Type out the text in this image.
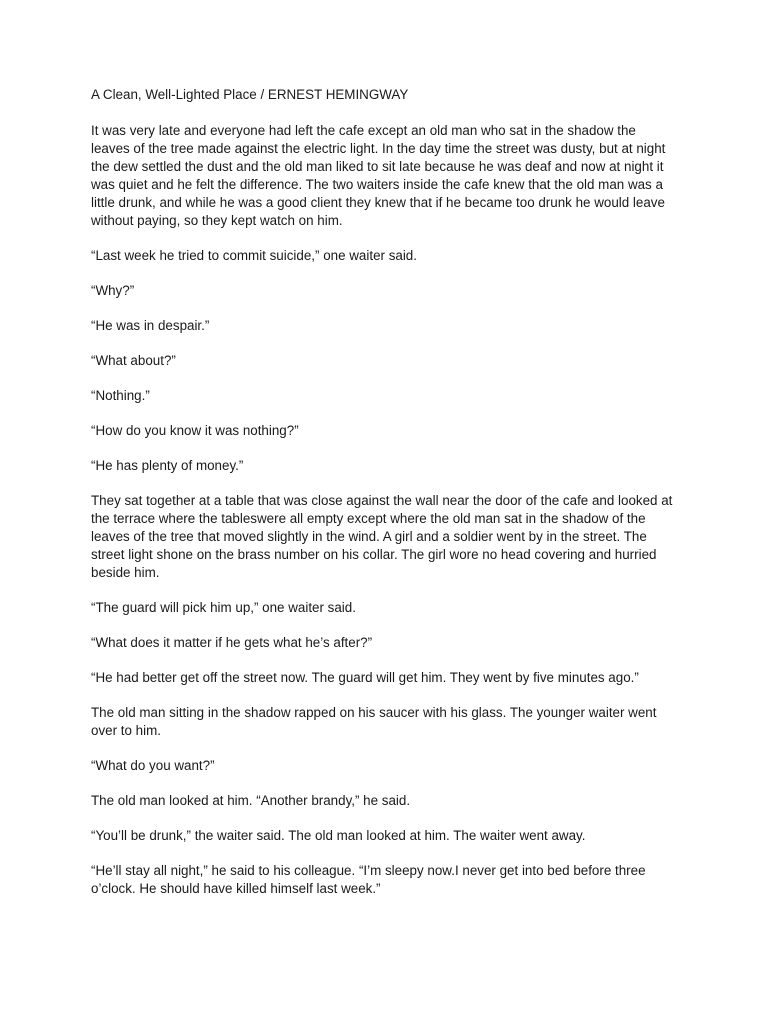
A Clean, Well-Lighted Place / ERNEST HEMINGWAY

It was very late and everyone had left the cafe except an old man who sat in the shadow the leaves of the tree made against the electric light. In the day time the street was dusty, but at night the dew settled the dust and the old man liked to sit late because he was deaf and now at night it was quiet and he felt the difference. The two waiters inside the cafe knew that the old man was a little drunk, and while he was a good client they knew that if he became too drunk he would leave without paying, so they kept watch on him.

“Last week he tried to commit suicide,” one waiter said.

“Why?”

“He was in despair.”

“What about?”

“Nothing.”

“How do you know it was nothing?”

“He has plenty of money.”

They sat together at a table that was close against the wall near the door of the cafe and looked at the terrace where the tableswere all empty except where the old man sat in the shadow of the leaves of the tree that moved slightly in the wind. A girl and a soldier went by in the street. The street light shone on the brass number on his collar. The girl wore no head covering and hurried beside him.

“The guard will pick him up,” one waiter said.

“What does it matter if he gets what he’s after?”

“He had better get off the street now. The guard will get him. They went by five minutes ago.”

The old man sitting in the shadow rapped on his saucer with his glass. The younger waiter went over to him.

“What do you want?”

The old man looked at him. “Another brandy,” he said.

“You’ll be drunk,” the waiter said. The old man looked at him. The waiter went away.

“He’ll stay all night,” he said to his colleague. “I’m sleepy now.I never get into bed before three o’clock. He should have killed himself last week.”
